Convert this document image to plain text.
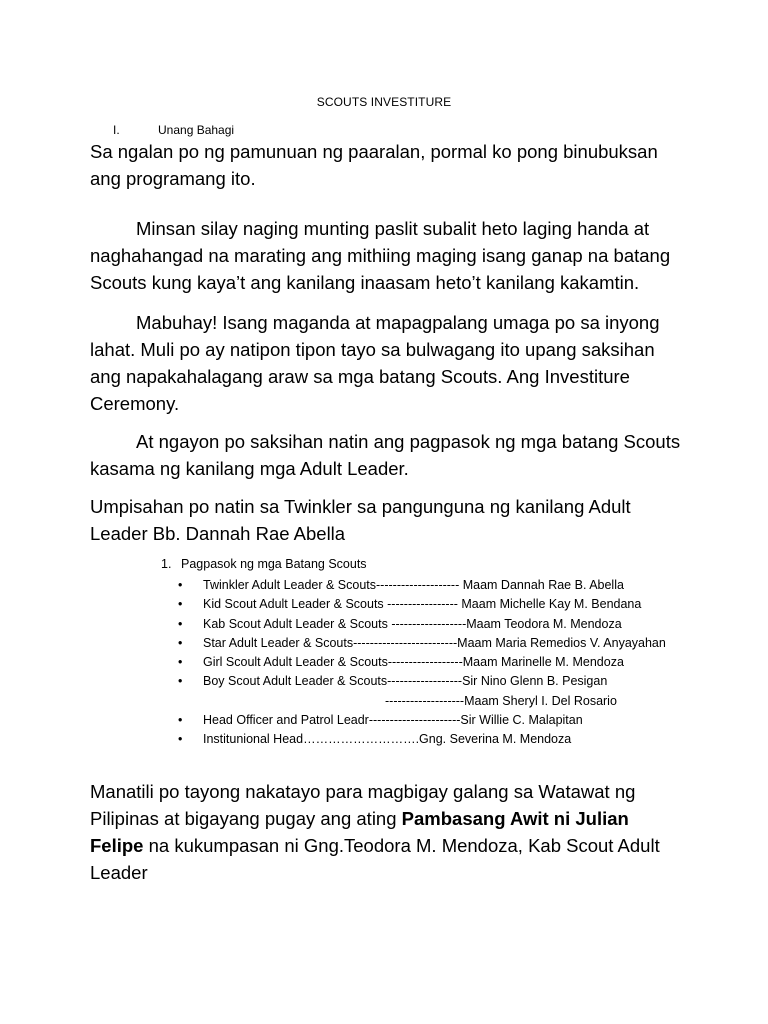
SCOUTS INVESTITURE
I.	Unang Bahagi

Sa ngalan po ng pamunuan ng paaralan, pormal ko pong binubuksan ang programang ito.

Minsan silay naging munting paslit subalit heto laging handa at naghahangad na marating ang mithiing maging isang ganap na batang Scouts kung kaya’t ang kanilang inaasam heto’t kanilang kakamtin.

Mabuhay! Isang maganda at mapagpalang umaga po sa inyong lahat. Muli po ay natipon tipon tayo sa bulwagang ito upang saksihan ang napakahalagang araw sa mga batang Scouts. Ang Investiture Ceremony.

At ngayon po saksihan natin ang pagpasok ng mga batang Scouts kasama ng kanilang mga Adult Leader.

Umpisahan po natin sa Twinkler sa pangunguna ng kanilang Adult Leader Bb. Dannah Rae Abella

1. Pagpasok ng mga Batang Scouts
• Twinkler Adult Leader & Scouts-------------------- Maam Dannah Rae B. Abella
• Kid Scout Adult Leader & Scouts ----------------- Maam Michelle Kay M. Bendana
• Kab Scout Adult Leader & Scouts ------------------Maam Teodora M. Mendoza
• Star Adult Leader & Scouts-------------------------Maam Maria Remedios V. Anyayahan
• Girl Scoult Adult Leader & Scouts------------------Maam Marinelle M. Mendoza
• Boy Scout Adult Leader & Scouts------------------Sir Nino Glenn B. Pesigan
-------------------Maam Sheryl I. Del Rosario
• Head Officer and Patrol Leadr----------------------Sir Willie C. Malapitan
• Institunional Head……………………….Gng. Severina M. Mendoza

Manatili po tayong nakatayo para magbigay galang sa Watawat ng Pilipinas at bigayang pugay ang ating Pambasang Awit ni Julian Felipe na kukumpasan ni Gng.Teodora M. Mendoza, Kab Scout Adult Leader
